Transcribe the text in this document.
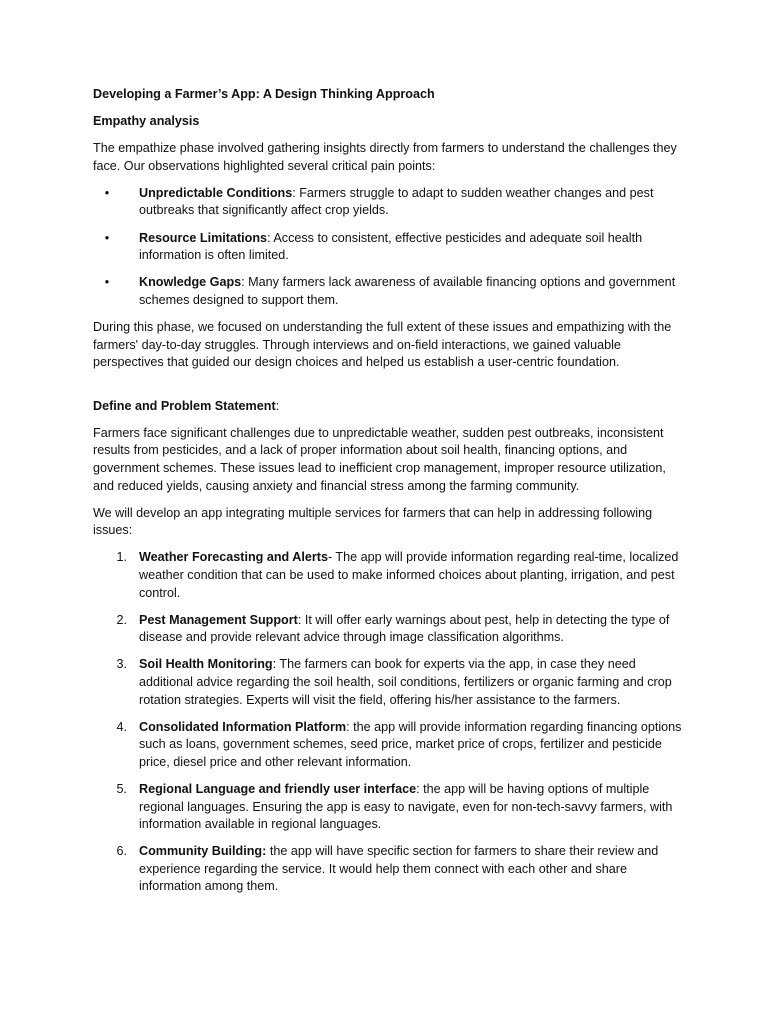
Developing a Farmer’s App: A Design Thinking Approach

Empathy analysis

The empathize phase involved gathering insights directly from farmers to understand the challenges they face. Our observations highlighted several critical pain points:

•	Unpredictable Conditions: Farmers struggle to adapt to sudden weather changes and pest outbreaks that significantly affect crop yields.
•	Resource Limitations: Access to consistent, effective pesticides and adequate soil health information is often limited.
•	Knowledge Gaps: Many farmers lack awareness of available financing options and government schemes designed to support them.

During this phase, we focused on understanding the full extent of these issues and empathizing with the farmers' day-to-day struggles. Through interviews and on-field interactions, we gained valuable perspectives that guided our design choices and helped us establish a user-centric foundation.

Define and Problem Statement:

Farmers face significant challenges due to unpredictable weather, sudden pest outbreaks, inconsistent results from pesticides, and a lack of proper information about soil health, financing options, and government schemes. These issues lead to inefficient crop management, improper resource utilization, and reduced yields, causing anxiety and financial stress among the farming community.

We will develop an app integrating multiple services for farmers that can help in addressing following issues:

1. Weather Forecasting and Alerts- The app will provide information regarding real-time, localized weather condition that can be used to make informed choices about planting, irrigation, and pest control.
2. Pest Management Support: It will offer early warnings about pest, help in detecting the type of disease and provide relevant advice through image classification algorithms.
3. Soil Health Monitoring: The farmers can book for experts via the app, in case they need additional advice regarding the soil health, soil conditions, fertilizers or organic farming and crop rotation strategies. Experts will visit the field, offering his/her assistance to the farmers.
4. Consolidated Information Platform: the app will provide information regarding financing options such as loans, government schemes, seed price, market price of crops, fertilizer and pesticide price, diesel price and other relevant information.
5. Regional Language and friendly user interface: the app will be having options of multiple regional languages. Ensuring the app is easy to navigate, even for non-tech-savvy farmers, with information available in regional languages.
6. Community Building: the app will have specific section for farmers to share their review and experience regarding the service. It would help them connect with each other and share information among them.
